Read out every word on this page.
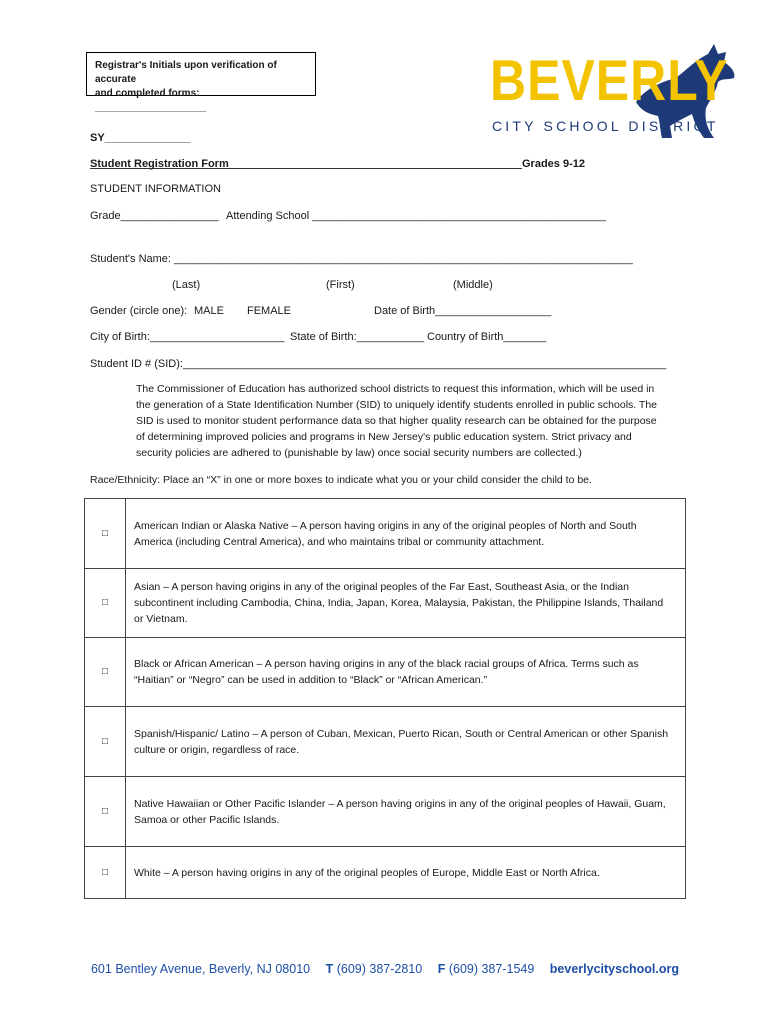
Registrar's Initials upon verification of accurate
and completed forms: ____________________	BEVERLY
CITY SCHOOL DISTRICT
SY______________
Student Registration Form	Grades 9-12
STUDENT INFORMATION
Grade________________ Attending School ________________________________________________
Student's Name: ___________________________________________________________________________
(Last)	(First)	(Middle)
Gender (circle one): MALE FEMALE	Date of Birth___________________
City of Birth:______________________ State of Birth:___________ Country of Birth_______
Student ID # (SID):_______________________________________________________________________________
The Commissioner of Education has authorized school districts to request this information, which will be used in the generation of a State Identification Number (SID) to uniquely identify students enrolled in public schools. The SID is used to monitor student performance data so that higher quality research can be obtained for the purpose of determining improved policies and programs in New Jersey's public education system. Strict privacy and security policies are adhered to (punishable by law) once social security numbers are collected.)
Race/Ethnicity: Place an “X” in one or more boxes to indicate what you or your child consider the child to be.
□	American Indian or Alaska Native – A person having origins in any of the original peoples of North and South America (including Central America), and who maintains tribal or community attachment.
□	Asian – A person having origins in any of the original peoples of the Far East, Southeast Asia, or the Indian subcontinent including Cambodia, China, India, Japan, Korea, Malaysia, Pakistan, the Philippine Islands, Thailand or Vietnam.
□	Black or African American – A person having origins in any of the black racial groups of Africa. Terms such as “Haitian” or “Negro” can be used in addition to “Black” or “African American.”
□	Spanish/Hispanic/ Latino – A person of Cuban, Mexican, Puerto Rican, South or Central American or other Spanish culture or origin, regardless of race.
□	Native Hawaiian or Other Pacific Islander – A person having origins in any of the original peoples of Hawaii, Guam, Samoa or other Pacific Islands.
□	White – A person having origins in any of the original peoples of Europe, Middle East or North Africa.
601 Bentley Avenue, Beverly, NJ 08010 T (609) 387-2810 F (609) 387-1549 beverlycityschool.org
